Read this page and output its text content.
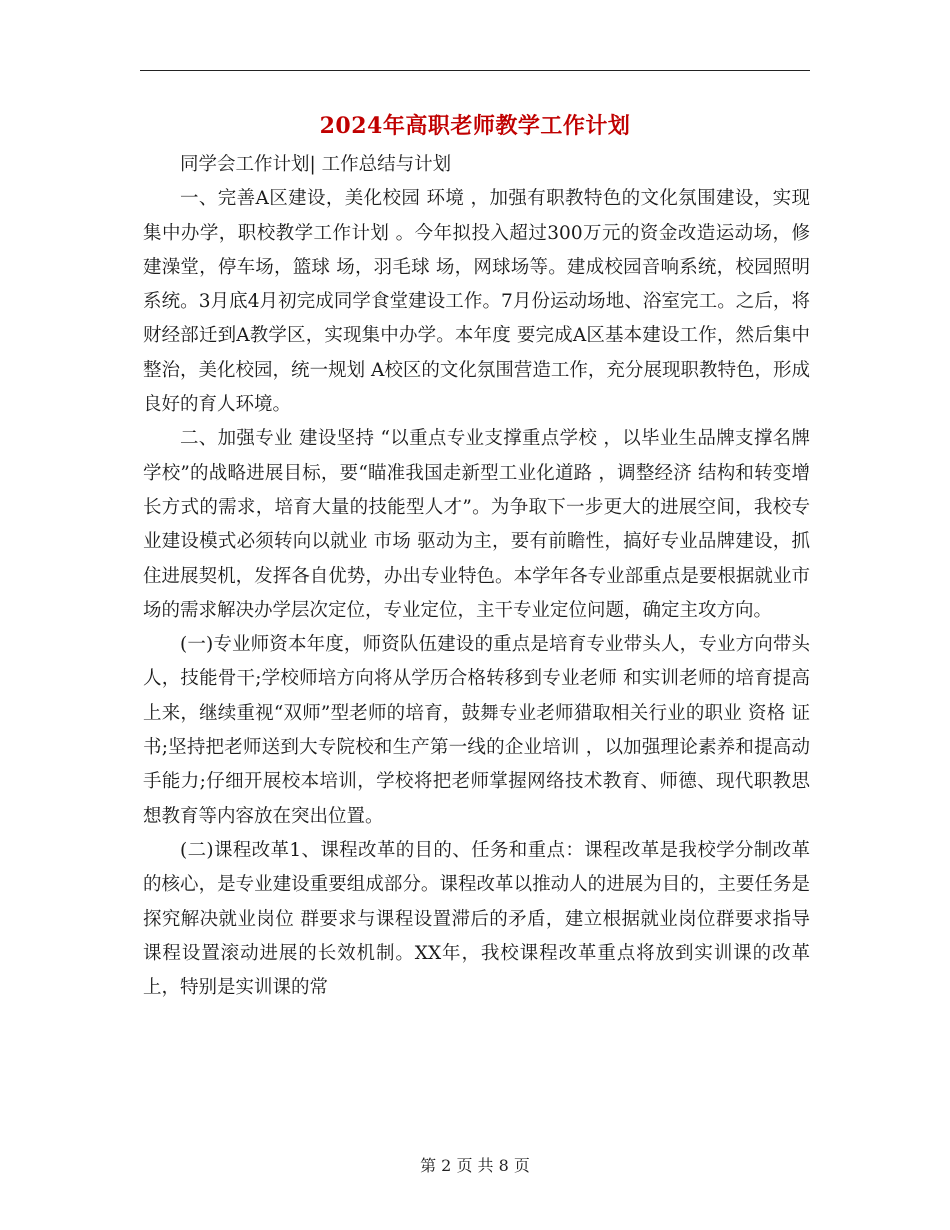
2024年高职老师教学工作计划

同学会工作计划| 工作总结与计划

一、完善A区建设，美化校园 环境 ，加强有职教特色的文化氛围建设，实现集中办学，职校教学工作计划 。今年拟投入超过300万元的资金改造运动场，修建澡堂，停车场，篮球 场，羽毛球 场，网球场等。建成校园音响系统，校园照明系统。3月底4月初完成同学食堂建设工作。7月份运动场地、浴室完工。之后，将财经部迁到A教学区，实现集中办学。本年度 要完成A区基本建设工作，然后集中整治，美化校园，统一规划 A校区的文化氛围营造工作，充分展现职教特色，形成良好的育人环境。

二、加强专业 建设坚持 “以重点专业支撑重点学校 ，以毕业生品牌支撑名牌学校”的战略进展目标，要“瞄准我国走新型工业化道路 ，调整经济 结构和转变增长方式的需求，培育大量的技能型人才”。为争取下一步更大的进展空间，我校专业建设模式必须转向以就业 市场 驱动为主，要有前瞻性，搞好专业品牌建设，抓住进展契机，发挥各自优势，办出专业特色。本学年各专业部重点是要根据就业市场的需求解决办学层次定位，专业定位，主干专业定位问题，确定主攻方向。

(一)专业师资本年度，师资队伍建设的重点是培育专业带头人，专业方向带头人，技能骨干;学校师培方向将从学历合格转移到专业老师 和实训老师的培育提高上来，继续重视“双师”型老师的培育，鼓舞专业老师猎取相关行业的职业 资格 证书;坚持把老师送到大专院校和生产第一线的企业培训 ，以加强理论素养和提高动手能力;仔细开展校本培训，学校将把老师掌握网络技术教育、师德、现代职教思想教育等内容放在突出位置。

(二)课程改革1、课程改革的目的、任务和重点：课程改革是我校学分制改革的核心，是专业建设重要组成部分。课程改革以推动人的进展为目的，主要任务是探究解决就业岗位 群要求与课程设置滞后的矛盾，建立根据就业岗位群要求指导课程设置滚动进展的长效机制。XX年，我校课程改革重点将放到实训课的改革上，特别是实训课的常

第 2 页 共 8 页
